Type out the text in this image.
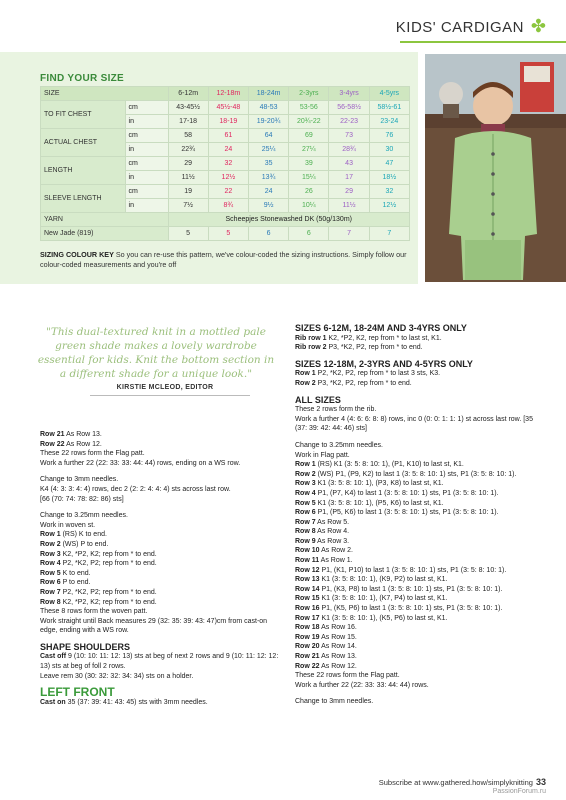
KIDS' CARDIGAN ✤
FIND YOUR SIZE
SIZE		6-12m	12-18m	18-24m	2-3yrs	3-4yrs	4-5yrs
TO FIT CHEST	cm	43-45½	45½-48	48-53	53-56	56-58½	58½-61
	in	17-18	18-19	19-20¾	20¾-22	22-23	23-24
ACTUAL CHEST	cm	58	61	64	69	73	76
	in	22¾	24	25¼	27¼	28¾	30
LENGTH	cm	29	32	35	39	43	47
	in	11½	12½	13¾	15¼	17	18½
SLEEVE LENGTH	cm	19	22	24	26	29	32
	in	7½	8¾	9½	10¼	11½	12½
YARN		Scheepjes Stonewashed DK (50g/130m)					
New Jade (819)		5	5	6	6	7	7
SIZING COLOUR KEY So you can re-use this pattern, we've colour-coded the sizing instructions. Simply follow our colour-coded measurements and you're off
"This dual-textured knit in a mottled pale green shade makes a lovely wardrobe essential for kids. Knit the bottom section in a different shade for a unique look."
KIRSTIE MCLEOD, EDITOR

Row 21 As Row 13.

Row 22 As Row 12.

These 22 rows form the Flag patt.

Work a further 22 (22: 33: 33: 44: 44) rows, ending on a WS row.

Change to 3mm needles.

K4 (4: 3: 3: 4: 4) rows, dec 2 (2: 2: 4: 4: 4) sts across last row.

[66 (70: 74: 78: 82: 86) sts]

Change to 3.25mm needles.

Work in woven st.

Row 1 (RS) K to end.

Row 2 (WS) P to end.

Row 3 K2, *P2, K2; rep from * to end.

Row 4 P2, *K2, P2; rep from * to end.

Row 5 K to end.

Row 6 P to end.

Row 7 P2, *K2, P2; rep from * to end.

Row 8 K2, *P2, K2; rep from * to end.

These 8 rows form the woven patt.

Work straight until Back measures 29 (32: 35: 39: 43: 47)cm from cast-on edge, ending with a WS row.

SHAPE SHOULDERS

Cast off 9 (10: 10: 11: 12: 13) sts at beg of next 2 rows and 9 (10: 11: 12: 12: 13) sts at beg of foll 2 rows.

Leave rem 30 (30: 32: 32: 34: 34) sts on a holder.

LEFT FRONT

Cast on 35 (37: 39: 41: 43: 45) sts with 3mm needles.

SIZES 6-12M, 18-24M AND 3-4YRS ONLY

Rib row 1 K2, *P2, K2, rep from * to last st, K1.

Rib row 2 P3, *K2, P2, rep from * to end.

SIZES 12-18M, 2-3YRS AND 4-5YRS ONLY

Row 1 P2, *K2, P2, rep from * to last 3 sts, K3.

Row 2 P3, *K2, P2, rep from * to end.

ALL SIZES

These 2 rows form the rib.

Work a further 4 (4: 6: 6: 8: 8) rows, inc 0 (0: 0: 1: 1: 1) st across last row. [35 (37: 39: 42: 44: 46) sts]

Change to 3.25mm needles.

Work in Flag patt.

Row 1 (RS) K1 (3: 5: 8: 10: 1), (P1, K10) to last st, K1.

Row 2 (WS) P1, (P9, K2) to last 1 (3: 5: 8: 10: 1) sts, P1 (3: 5: 8: 10: 1).

Row 3 K1 (3: 5: 8: 10: 1), (P3, K8) to last st, K1.

Row 4 P1, (P7, K4) to last 1 (3: 5: 8: 10: 1) sts, P1 (3: 5: 8: 10: 1).

Row 5 K1 (3: 5: 8: 10: 1), (P5, K6) to last st, K1.

Row 6 P1, (P5, K6) to last 1 (3: 5: 8: 10: 1) sts, P1 (3: 5: 8: 10: 1).

Row 7 As Row 5.

Row 8 As Row 4.

Row 9 As Row 3.

Row 10 As Row 2.

Row 11 As Row 1.

Row 12 P1, (K1, P10) to last 1 (3: 5: 8: 10: 1) sts, P1 (3: 5: 8: 10: 1).

Row 13 K1 (3: 5: 8: 10: 1), (K9, P2) to last st, K1.

Row 14 P1, (K3, P8) to last 1 (3: 5: 8: 10: 1) sts, P1 (3: 5: 8: 10: 1).

Row 15 K1 (3: 5: 8: 10: 1), (K7, P4) to last st, K1.

Row 16 P1, (K5, P6) to last 1 (3: 5: 8: 10: 1) sts, P1 (3: 5: 8: 10: 1).

Row 17 K1 (3: 5: 8: 10: 1), (K5, P6) to last st, K1.

Row 18 As Row 16.

Row 19 As Row 15.

Row 20 As Row 14.

Row 21 As Row 13.

Row 22 As Row 12.

These 22 rows form the Flag patt.

Work a further 22 (22: 33: 33: 44: 44) rows.

Change to 3mm needles.

Subscribe at www.gathered.how/simplyknitting 33
PassionForum.ru
